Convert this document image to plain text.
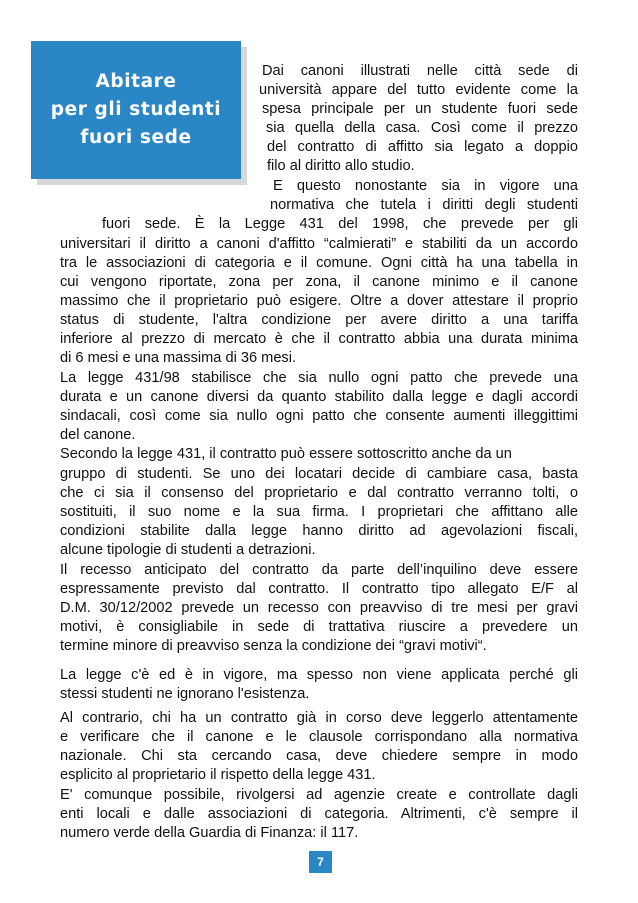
Abitare
per gli studenti
fuori sede
Dai canoni illustrati nelle città sede di
università appare del tutto evidente come la
spesa principale per un studente fuori sede
sia quella della casa. Così come il prezzo
del contratto di affitto sia legato a doppio
filo al diritto allo studio.
E questo nonostante sia in vigore una
normativa che tutela i diritti degli studenti
fuori sede. È la Legge 431 del 1998, che prevede per gli
universitari il diritto a canoni d'affitto “calmierati” e stabiliti da un accordo
tra le associazioni di categoria e il comune. Ogni città ha una tabella in
cui vengono riportate, zona per zona, il canone minimo e il canone
massimo che il proprietario può esigere. Oltre a dover attestare il proprio
status di studente, l'altra condizione per avere diritto a una tariffa
inferiore al prezzo di mercato è che il contratto abbia una durata minima
di 6 mesi e una massima di 36 mesi.
La legge 431/98 stabilisce che sia nullo ogni patto che prevede una
durata e un canone diversi da quanto stabilito dalla legge e dagli accordi
sindacali, così come sia nullo ogni patto che consente aumenti illeggittimi
del canone.
Secondo la legge 431, il contratto può essere sottoscritto anche da un
gruppo di studenti. Se uno dei locatari decide di cambiare casa, basta
che ci sia il consenso del proprietario e dal contratto verranno tolti, o
sostituiti, il suo nome e la sua firma. I proprietari che affittano alle
condizioni stabilite dalla legge hanno diritto ad agevolazioni fiscali,
alcune tipologie di studenti a detrazioni.
Il recesso anticipato del contratto da parte dell’inquilino deve essere
espressamente previsto dal contratto. Il contratto tipo allegato E/F al
D.M. 30/12/2002 prevede un recesso con preavviso di tre mesi per gravi
motivi, è consigliabile in sede di trattativa riuscire a prevedere un
termine minore di preavviso senza la condizione dei “gravi motivi“.
La legge c'è ed è in vigore, ma spesso non viene applicata perché gli
stessi studenti ne ignorano l'esistenza.
Al contrario, chi ha un contratto già in corso deve leggerlo attentamente
e verificare che il canone e le clausole corrispondano alla normativa
nazionale. Chi sta cercando casa, deve chiedere sempre in modo
esplicito al proprietario il rispetto della legge 431.
E' comunque possibile, rivolgersi ad agenzie create e controllate dagli
enti locali e dalle associazioni di categoria. Altrimenti, c'è sempre il
numero verde della Guardia di Finanza: il 117.
7
